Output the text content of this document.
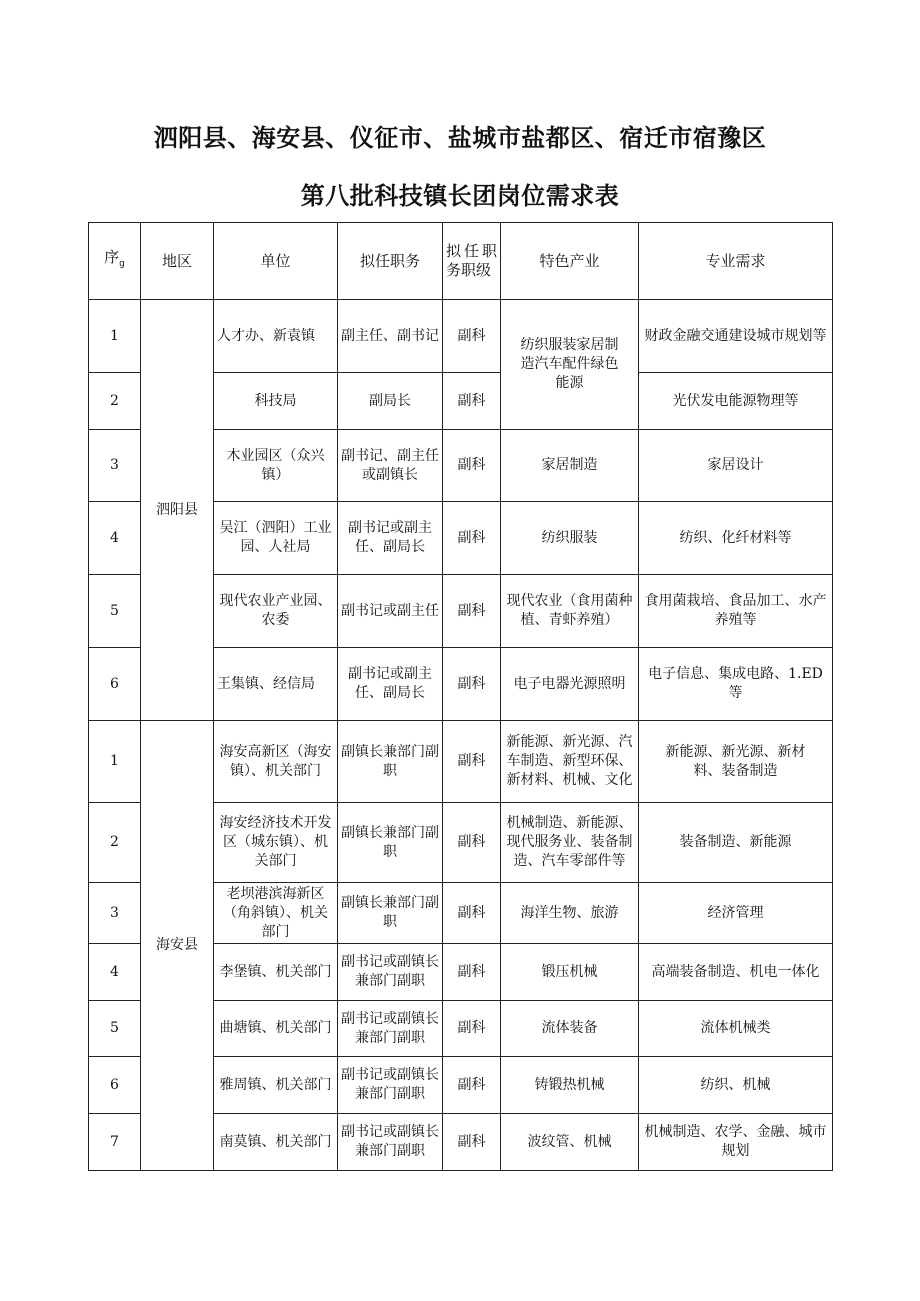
泗阳县、海安县、仪征市、盐城市盐都区、宿迁市宿豫区
第八批科技镇长团岗位需求表
序$_g$	地区	单位	拟任职务	拟任职务职级	特色产业	专业需求
1	泗阳县	人才办、新袁镇	副主任、副书记	副科	纺织服装家居制造汽车配件绿色能源	财政金融交通建设城市规划等
2		科技局	副局长	副科		光伏发电能源物理等
3		木业园区（众兴镇）	副书记、副主任或副镇长	副科	家居制造	家居设计
4		吴江（泗阳）工业园、人社局	副书记或副主任、副局长	副科	纺织服装	纺织、化纤材料等
5		现代农业产业园、农委	副书记或副主任	副科	现代农业（食用菌种植、青虾养殖）	食用菌栽培、食品加工、水产养殖等
6		王集镇、经信局	副书记或副主任、副局长	副科	电子电器光源照明	电子信息、集成电路、1.ED等
1	海安县	海安高新区（海安镇）、机关部门	副镇长兼部门副职	副科	新能源、新光源、汽车制造、新型环保、新材料、机械、文化	新能源、新光源、新材料、装备制造
2		海安经济技术开发区（城东镇）、机关部门	副镇长兼部门副职	副科	机械制造、新能源、现代服务业、装备制造、汽车零部件等	装备制造、新能源
3		老坝港滨海新区（角斜镇）、机关部门	副镇长兼部门副职	副科	海洋生物、旅游	经济管理
4		李堡镇、机关部门	副书记或副镇长兼部门副职	副科	锻压机械	高端装备制造、机电一体化
5		曲塘镇、机关部门	副书记或副镇长兼部门副职	副科	流体装备	流体机械类
6		雅周镇、机关部门	副书记或副镇长兼部门副职	副科	铸锻热机械	纺织、机械
7		南莫镇、机关部门	副书记或副镇长兼部门副职	副科	波纹管、机械	机械制造、农学、金融、城市规划
